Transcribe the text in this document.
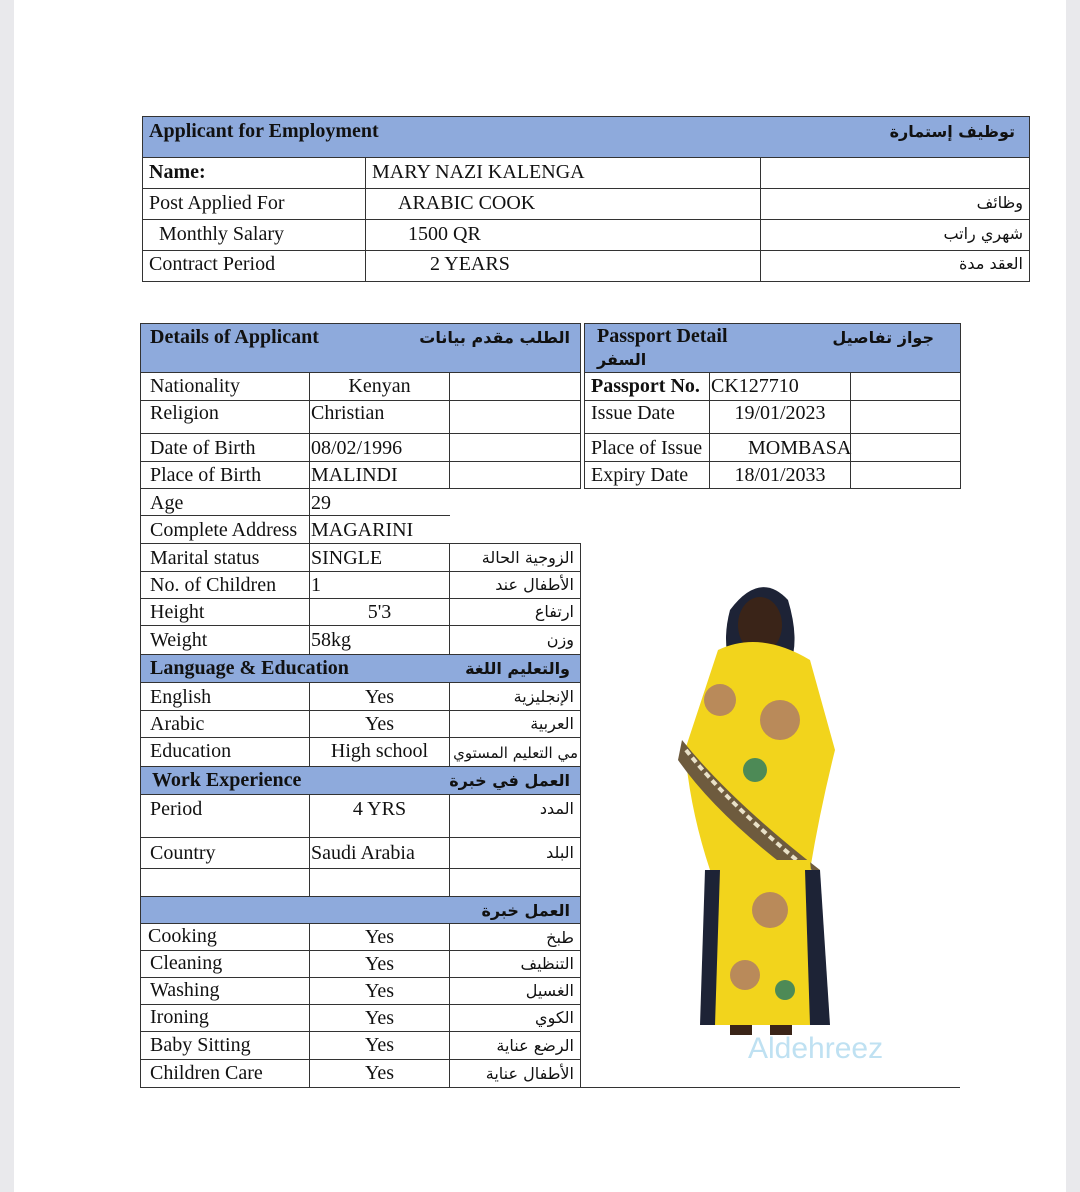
Applicant for Employment	توظيف إستمارة
Name:	MARY NAZI KALENGA
Post Applied For	ARABIC COOK	وظائف
Monthly Salary	1500 QR	شهري راتب
Contract Period	2 YEARS	العقد مدة
Details of Applicant	الطلب مقدم بيانات
Nationality	Kenyan
Religion	Christian
Date of Birth	08/02/1996
Place of Birth	MALINDI
Age	29
Complete Address MAGARINI
Marital status	SINGLE	الزوجية الحالة
No. of Children	1	الأطفال عند
Height	5'3	ارتفاع
Weight	58kg	وزن
Language & Education	والتعليم اللغة
English	Yes	الإنجليزية
Arabic	Yes	العربية
Education	High school	مي التعليم المستوي
Work Experience	العمل في خبرة
Period	4 YRS	المدد
Country	Saudi Arabia	البلد
العمل خبرة
Cooking	Yes	طبخ
Cleaning	Yes	التنظيف
Washing	Yes	الغسيل
Ironing	Yes	الكوي
Baby Sitting	Yes	الرضع عناية
Children Care	Yes	الأطفال عناية
Passport Detail	جواز تفاصيل
السفر
Passport No. CK127710
Issue Date	19/01/2023
Place of Issue	MOMBASA
Expiry Date	18/01/2033
Aldehreez
